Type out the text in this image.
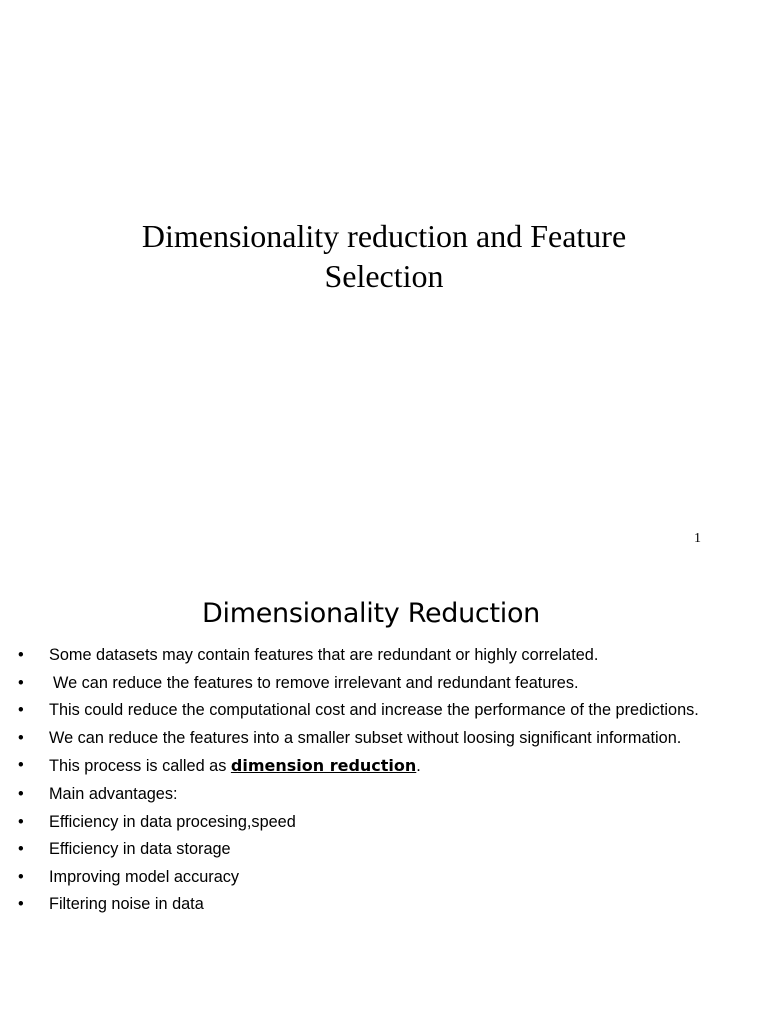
Dimensionality reduction and Feature
Selection
1
Dimensionality Reduction
• Some datasets may contain features that are redundant or highly correlated.
• We can reduce the features to remove irrelevant and redundant features.
• This could reduce the computational cost and increase the performance of the predictions.
• We can reduce the features into a smaller subset without loosing significant information.
• This process is called as dimension reduction.
• Main advantages:
• Efficiency in data procesing,speed
• Efficiency in data storage
• Improving model accuracy
• Filtering noise in data
